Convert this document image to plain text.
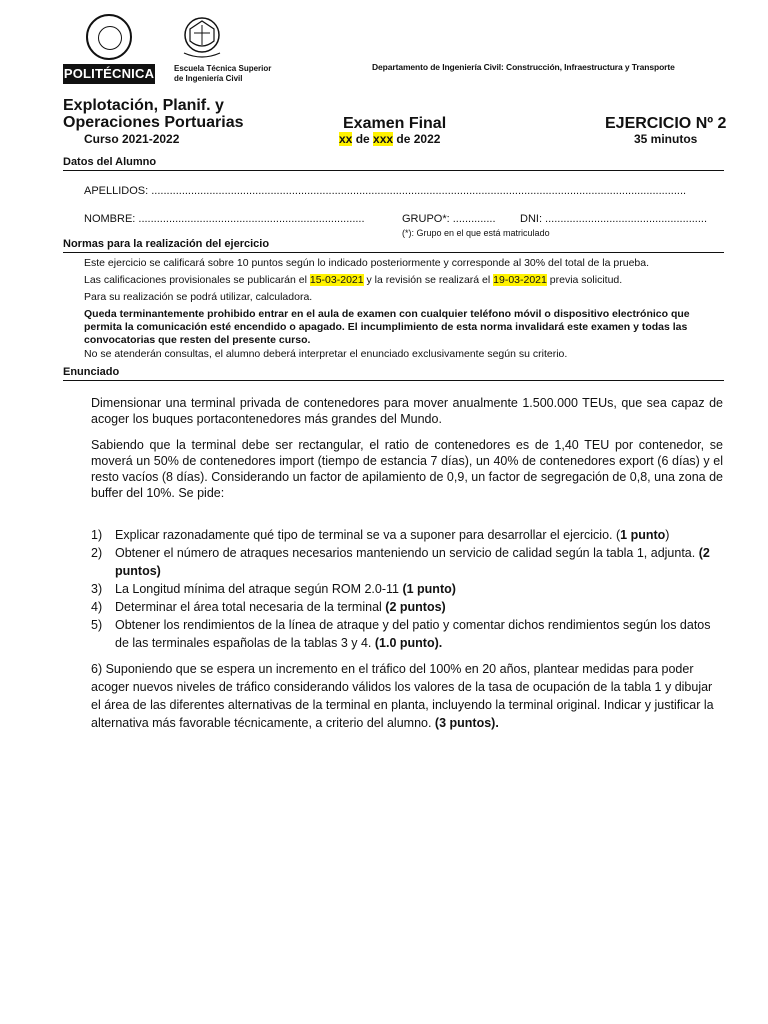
POLITÉCNICA Escuela Técnica Superior
de Ingeniería Civil
Departamento de Ingeniería Civil: Construcción, Infraestructura y Transporte
Explotación, Planif. y
Operaciones Portuarias
Curso 2021-2022
Examen Final
xx de xxx de 2022
EJERCICIO Nº 2
35 minutos
Datos del Alumno
APELLIDOS: ...............................................................................................................................................................................
NOMBRE: ..........................................................................	GRUPO*: .............. DNI: .....................................................
(*): Grupo en el que está matriculado
Normas para la realización del ejercicio

Este ejercicio se calificará sobre 10 puntos según lo indicado posteriormente y corresponde al 30% del total de la prueba.

Las calificaciones provisionales se publicarán el 15-03-2021 y la revisión se realizará el 19-03-2021 previa solicitud.

Para su realización se podrá utilizar, calculadora.

Queda terminantemente prohibido entrar en el aula de examen con cualquier teléfono móvil o dispositivo electrónico que permita la comunicación esté encendido o apagado. El incumplimiento de esta norma invalidará este examen y todas las convocatorias que resten del presente curso.

No se atenderán consultas, el alumno deberá interpretar el enunciado exclusivamente según su criterio.

Enunciado

Dimensionar una terminal privada de contenedores para mover anualmente 1.500.000 TEUs, que sea capaz de acoger los buques portacontenedores más grandes del Mundo.

Sabiendo que la terminal debe ser rectangular, el ratio de contenedores es de 1,40 TEU por contenedor, se moverá un 50% de contenedores import (tiempo de estancia 7 días), un 40% de contenedores export (6 días) y el resto vacíos (8 días). Considerando un factor de apilamiento de 0,9, un factor de segregación de 0,8, una zona de buffer del 10%. Se pide:

1)	Explicar razonadamente qué tipo de terminal se va a suponer para desarrollar el ejercicio. (1 punto)
2)	Obtener el número de atraques necesarios manteniendo un servicio de calidad según la tabla 1, adjunta. (2 puntos)
3)	La Longitud mínima del atraque según ROM 2.0-11 (1 punto)
4)	Determinar el área total necesaria de la terminal (2 puntos)
5)	Obtener los rendimientos de la línea de atraque y del patio y comentar dichos rendimientos según los datos de las terminales españolas de la tablas 3 y 4. (1.0 punto).
6) Suponiendo que se espera un incremento en el tráfico del 100% en 20 años, plantear medidas para poder acoger nuevos niveles de tráfico considerando válidos los valores de la tasa de ocupación de la tabla 1 y dibujar el área de las diferentes alternativas de la terminal en planta, incluyendo la terminal original. Indicar y justificar la alternativa más favorable técnicamente, a criterio del alumno. (3 puntos).
